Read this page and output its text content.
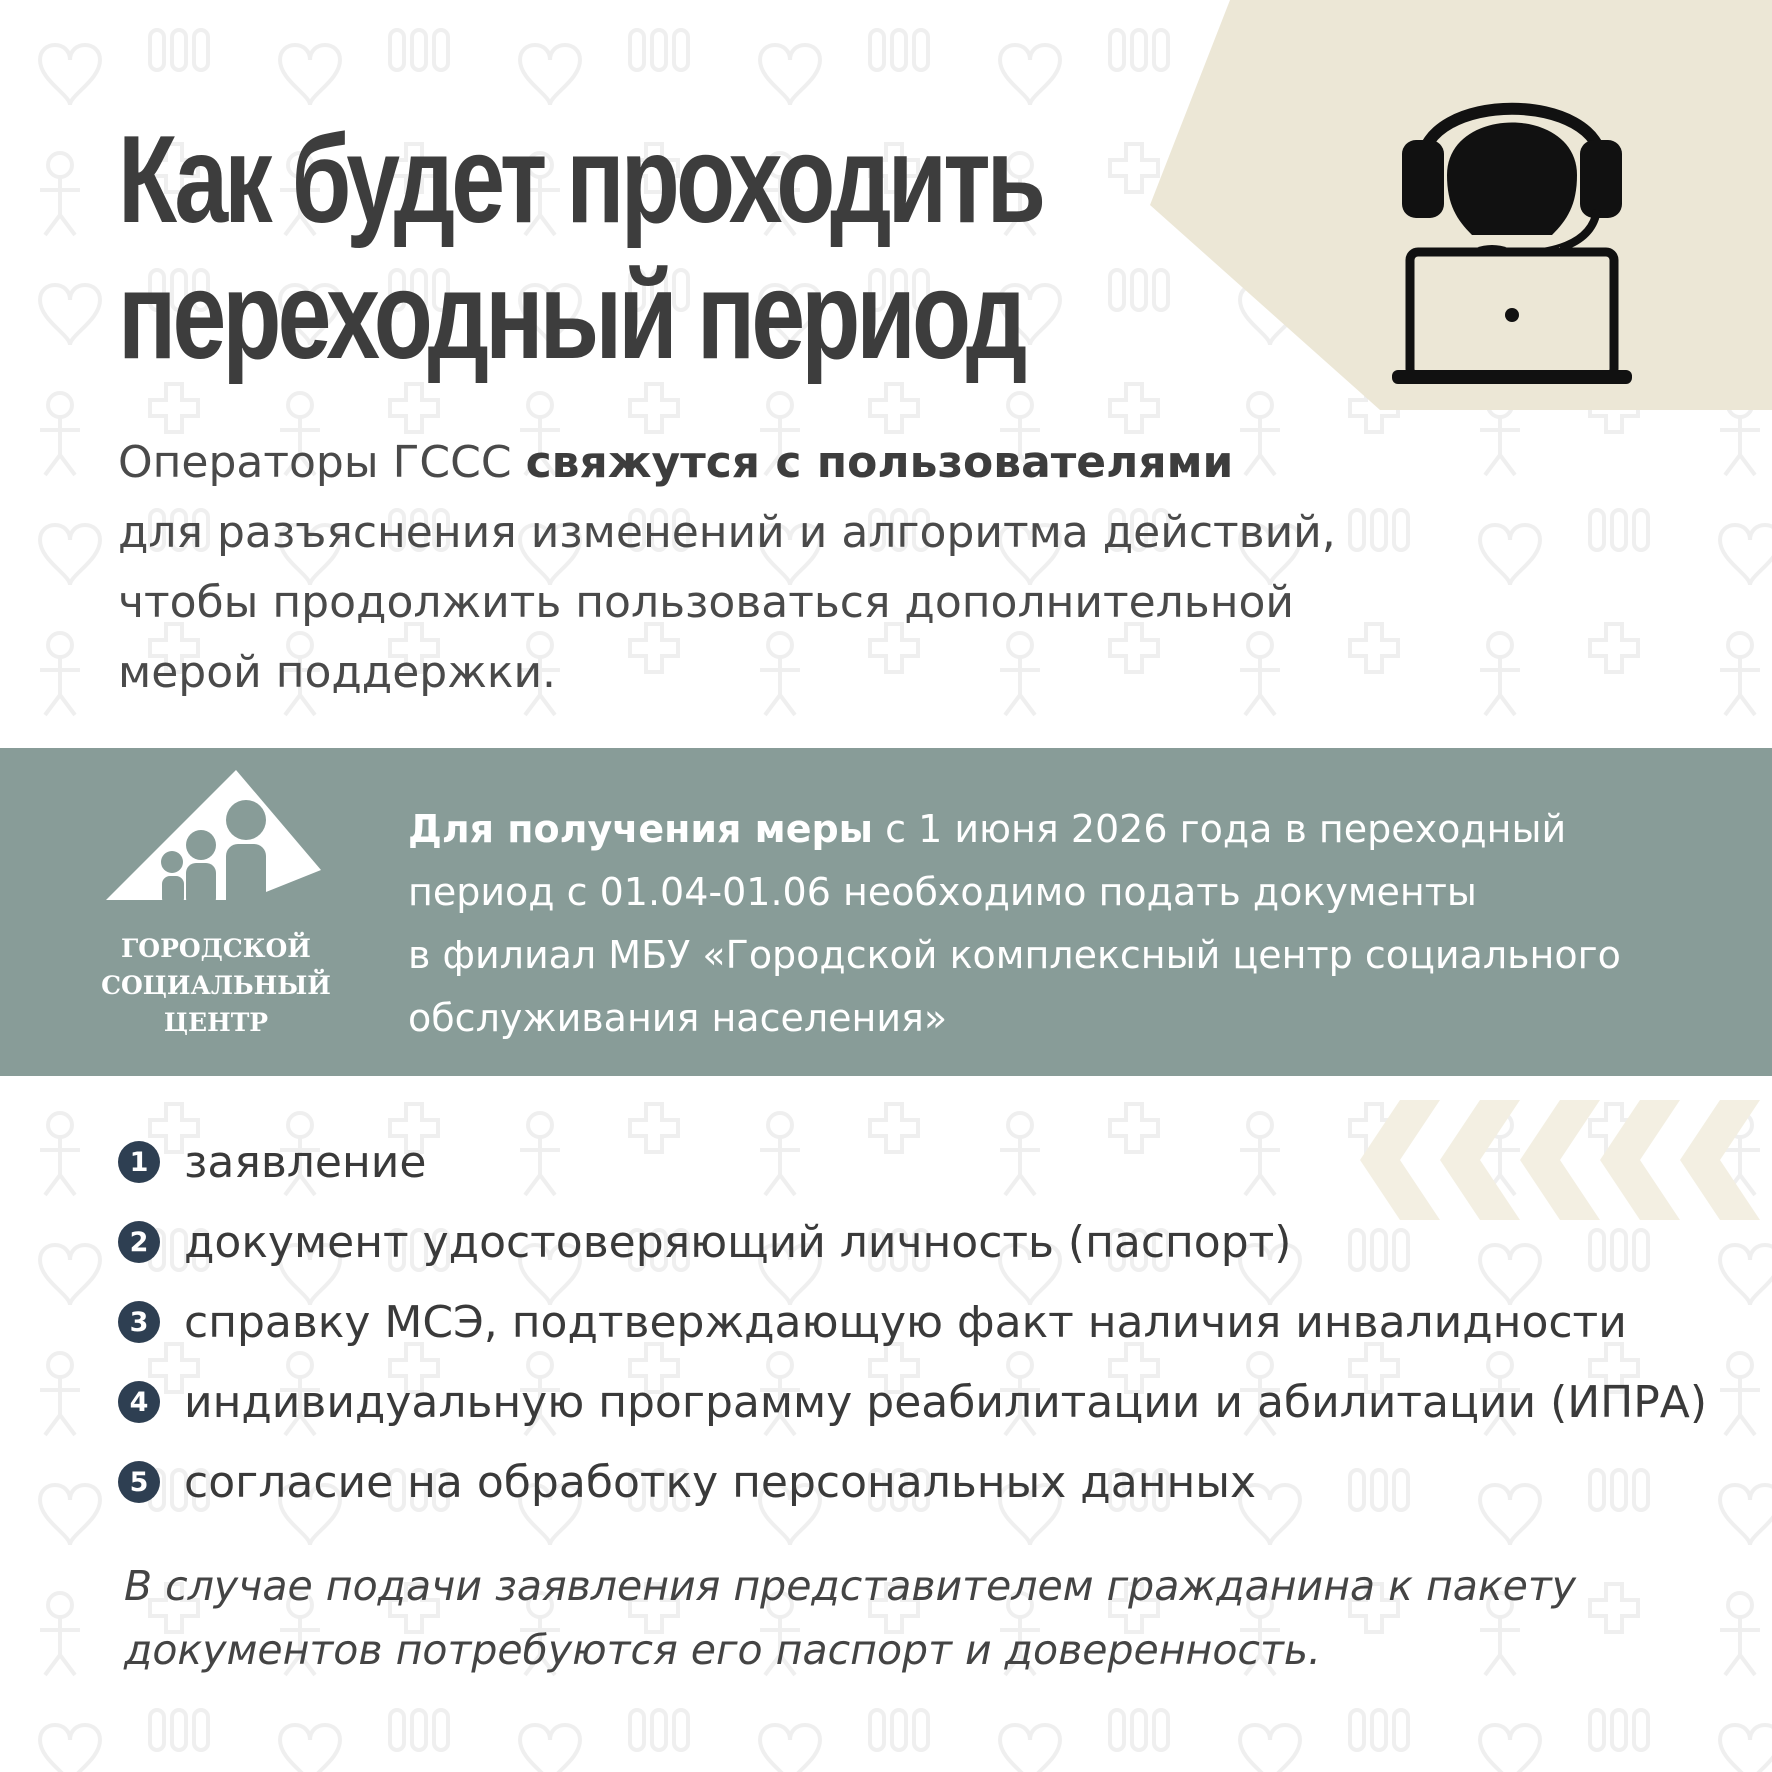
Как будет проходить
переходный период
Операторы ГССС свяжутся с пользователями
для разъяснения изменений и алгоритма действий,
чтобы продолжить пользоваться дополнительной
мерой поддержки.
ГОРОДСКОЙ
СОЦИАЛЬНЫЙ
ЦЕНТР
Для получения меры с 1 июня 2026 года в переходный
период с 01.04-01.06 необходимо подать документы
в филиал МБУ «Городской комплексный центр социального
обслуживания населения»
1 заявление
2 документ удостоверяющий личность (паспорт)
3 справку МСЭ, подтверждающую факт наличия инвалидности
4 индивидуальную программу реабилитации и абилитации (ИПРА)
5 согласие на обработку персональных данных
В случае подачи заявления представителем гражданина к пакету
документов потребуются его паспорт и доверенность.
